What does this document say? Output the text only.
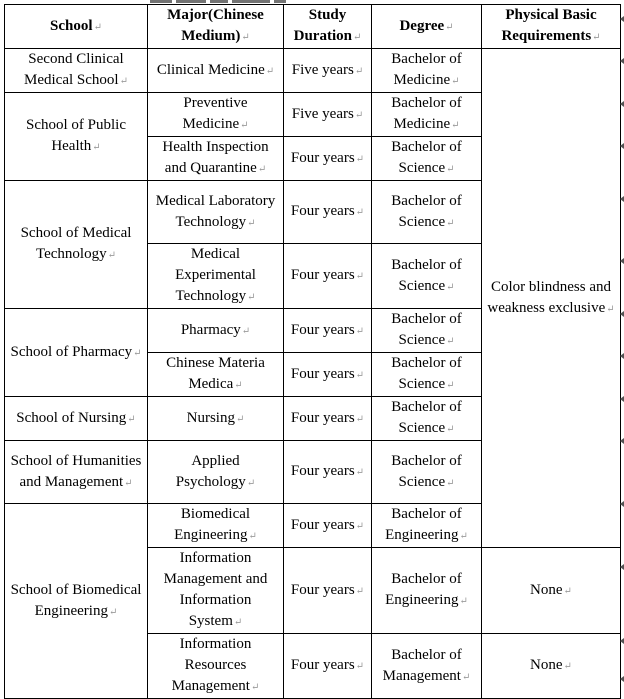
School↵	Major(Chinese Medium)↵	Study Duration↵	Degree↵	Physical Basic Requirements↵
Second Clinical Medical School↵	Clinical Medicine↵	Five years↵	Bachelor of Medicine↵	Color blindness and weakness exclusive↵
School of Public Health↵	Preventive Medicine↵	Five years↵	Bachelor of Medicine↵	
	Health Inspection and Quarantine↵	Four years↵	Bachelor of Science↵	
School of Medical Technology↵	Medical Laboratory Technology↵	Four years↵	Bachelor of Science↵	
	Medical Experimental Technology↵	Four years↵	Bachelor of Science↵	
School of Pharmacy↵	Pharmacy↵	Four years↵	Bachelor of Science↵	
	Chinese Materia Medica↵	Four years↵	Bachelor of Science↵	
School of Nursing↵	Nursing↵	Four years↵	Bachelor of Science↵	
School of Humanities and Management↵	Applied Psychology↵	Four years↵	Bachelor of Science↵	
School of Biomedical Engineering↵	Biomedical Engineering↵	Four years↵	Bachelor of Engineering↵	
	Information Management and Information System↵	Four years↵	Bachelor of Engineering↵	None↵
	Information Resources Management↵	Four years↵	Bachelor of Management↵	None↵
